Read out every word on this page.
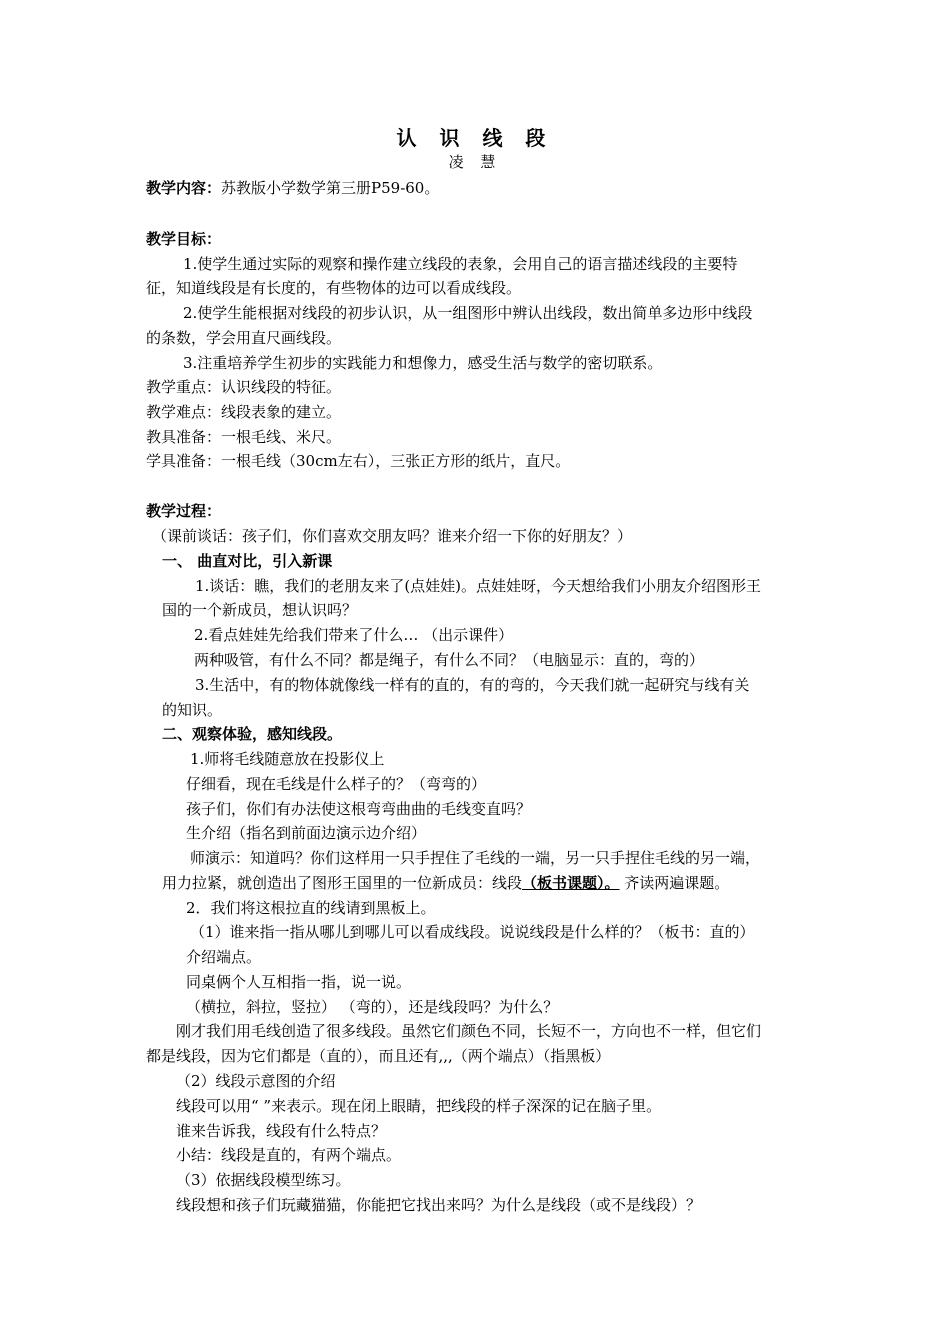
认 识 线 段
凌 慧
教学内容：苏教版小学数学第三册P59-60。
教学目标：
1.使学生通过实际的观察和操作建立线段的表象，会用自己的语言描述线段的主要特
征，知道线段是有长度的，有些物体的边可以看成线段。
2.使学生能根据对线段的初步认识，从一组图形中辨认出线段，数出简单多边形中线段
的条数，学会用直尺画线段。
3.注重培养学生初步的实践能力和想像力，感受生活与数学的密切联系。
教学重点：认识线段的特征。
教学难点：线段表象的建立。
教具准备：一根毛线、米尺。
学具准备：一根毛线（30cm左右），三张正方形的纸片，直尺。
教学过程：
（课前谈话：孩子们，你们喜欢交朋友吗？谁来介绍一下你的好朋友？）
一、 曲直对比，引入新课
1.谈话：瞧，我们的老朋友来了(点娃娃)。点娃娃呀，今天想给我们小朋友介绍图形王
国的一个新成员，想认识吗？
2.看点娃娃先给我们带来了什么… （出示课件）
两种吸管，有什么不同？都是绳子，有什么不同？（电脑显示：直的，弯的）
3.生活中，有的物体就像线一样有的直的，有的弯的，今天我们就一起研究与线有关
的知识。
二、观察体验，感知线段。
1.师将毛线随意放在投影仪上
仔细看，现在毛线是什么样子的？（弯弯的）
孩子们，你们有办法使这根弯弯曲曲的毛线变直吗？
生介绍（指名到前面边演示边介绍）
师演示：知道吗？你们这样用一只手捏住了毛线的一端，另一只手捏住毛线的另一端，
用力拉紧，就创造出了图形王国里的一位新成员：线段（板书课题）。 齐读两遍课题。
2．我们将这根拉直的线请到黑板上。
（1）谁来指一指从哪儿到哪儿可以看成线段。说说线段是什么样的？（板书：直的）
介绍端点。
同桌俩个人互相指一指，说一说。
（横拉，斜拉，竖拉） （弯的），还是线段吗？为什么？
刚才我们用毛线创造了很多线段。虽然它们颜色不同，长短不一，方向也不一样，但它们
都是线段，因为它们都是（直的），而且还有,,,（两个端点）（指黑板）
（2）线段示意图的介绍
线段可以用“ ”来表示。现在闭上眼睛，把线段的样子深深的记在脑子里。
谁来告诉我，线段有什么特点？
小结：线段是直的，有两个端点。
（3）依据线段模型练习。
线段想和孩子们玩藏猫猫，你能把它找出来吗？为什么是线段（或不是线段）？
